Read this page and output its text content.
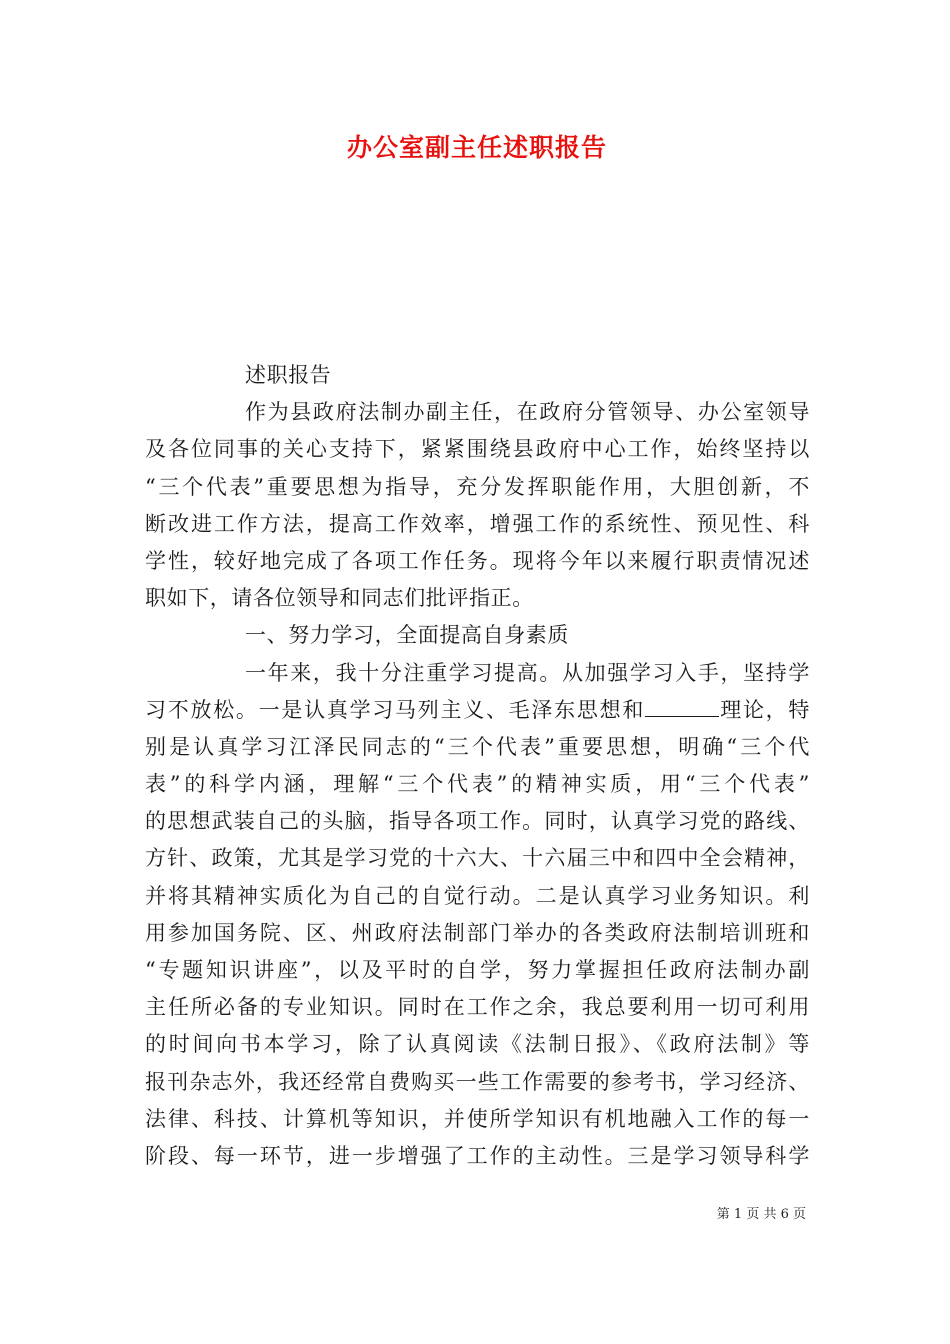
办公室副主任述职报告
述职报告
作为县政府法制办副主任，在政府分管领导、办公室领导
及各位同事的关心支持下，紧紧围绕县政府中心工作，始终坚持以
“三个代表”重要思想为指导，充分发挥职能作用，大胆创新，不
断改进工作方法，提高工作效率，增强工作的系统性、预见性、科
学性，较好地完成了各项工作任务。现将今年以来履行职责情况述
职如下，请各位领导和同志们批评指正。
一、努力学习，全面提高自身素质
一年来，我十分注重学习提高。从加强学习入手，坚持学
习不放松。一是认真学习马列主义、毛泽东思想和	理论，特
别是认真学习江泽民同志的“三个代表”重要思想，明确“三个代
表”的科学内涵，理解“三个代表”的精神实质，用“三个代表”
的思想武装自己的头脑，指导各项工作。同时，认真学习党的路线、
方针、政策，尤其是学习党的十六大、十六届三中和四中全会精神，
并将其精神实质化为自己的自觉行动。二是认真学习业务知识。利
用参加国务院、区、州政府法制部门举办的各类政府法制培训班和
“专题知识讲座”，以及平时的自学，努力掌握担任政府法制办副
主任所必备的专业知识。同时在工作之余，我总要利用一切可利用
的时间向书本学习，除了认真阅读《法制日报》、《政府法制》等
报刊杂志外，我还经常自费购买一些工作需要的参考书，学习经济、
法律、科技、计算机等知识，并使所学知识有机地融入工作的每一
阶段、每一环节，进一步增强了工作的主动性。三是学习领导科学
第 1 页 共 6 页
